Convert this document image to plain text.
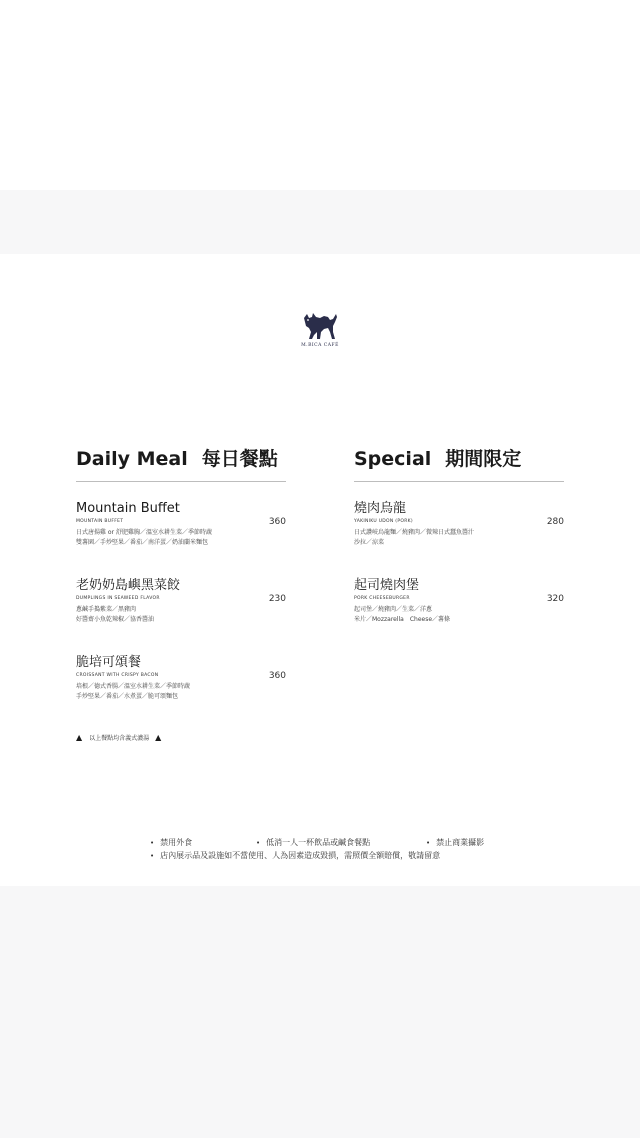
M.BICA CAFÉ
Daily Meal 每日餐點
Mountain Buffet
MOUNTAIN BUFFET	360
日式唐揚雞 or 舒肥雞胸／溫室水耕生菜／季節時蔬
雙薯園／手炒堅果／番茄／南洋蛋／奶油蘭米麵包
老奶奶島嶼黑菜餃
DUMPLINGS IN SEAWEED FLAVOR	230
蔥鹹手搗紫菜／黑豬肉
好醬齋小魚乾辣椒／協香醬油
脆培可頌餐
CROISSANT WITH CRISPY BACON	360
培根／德式香腸／溫室水耕生菜／季節時蔬
手炒堅果／番茄／水煮蛋／脆可頌麵包
Special 期間限定
燒肉烏龍
YAKINIKU UDON (PORK)	280
日式讚岐烏龍麵／燒豬肉／微辣日式蠶魚醬汁
沙拉／涼菜
起司燒肉堡
PORK CHEESEBURGER	320
起司堡／燒豬肉／生菜／洋蔥
米片／Mozzarella　Cheese／薯條
▲ 以上餐點均含義式濃湯 ▲
• 禁用外食	• 低消一人一杯飲品或鹹食餐點	• 禁止商業攝影
• 店內展示品及設施如不當使用、人為因素造成毀損，需照價全額賠償，敬請留意
